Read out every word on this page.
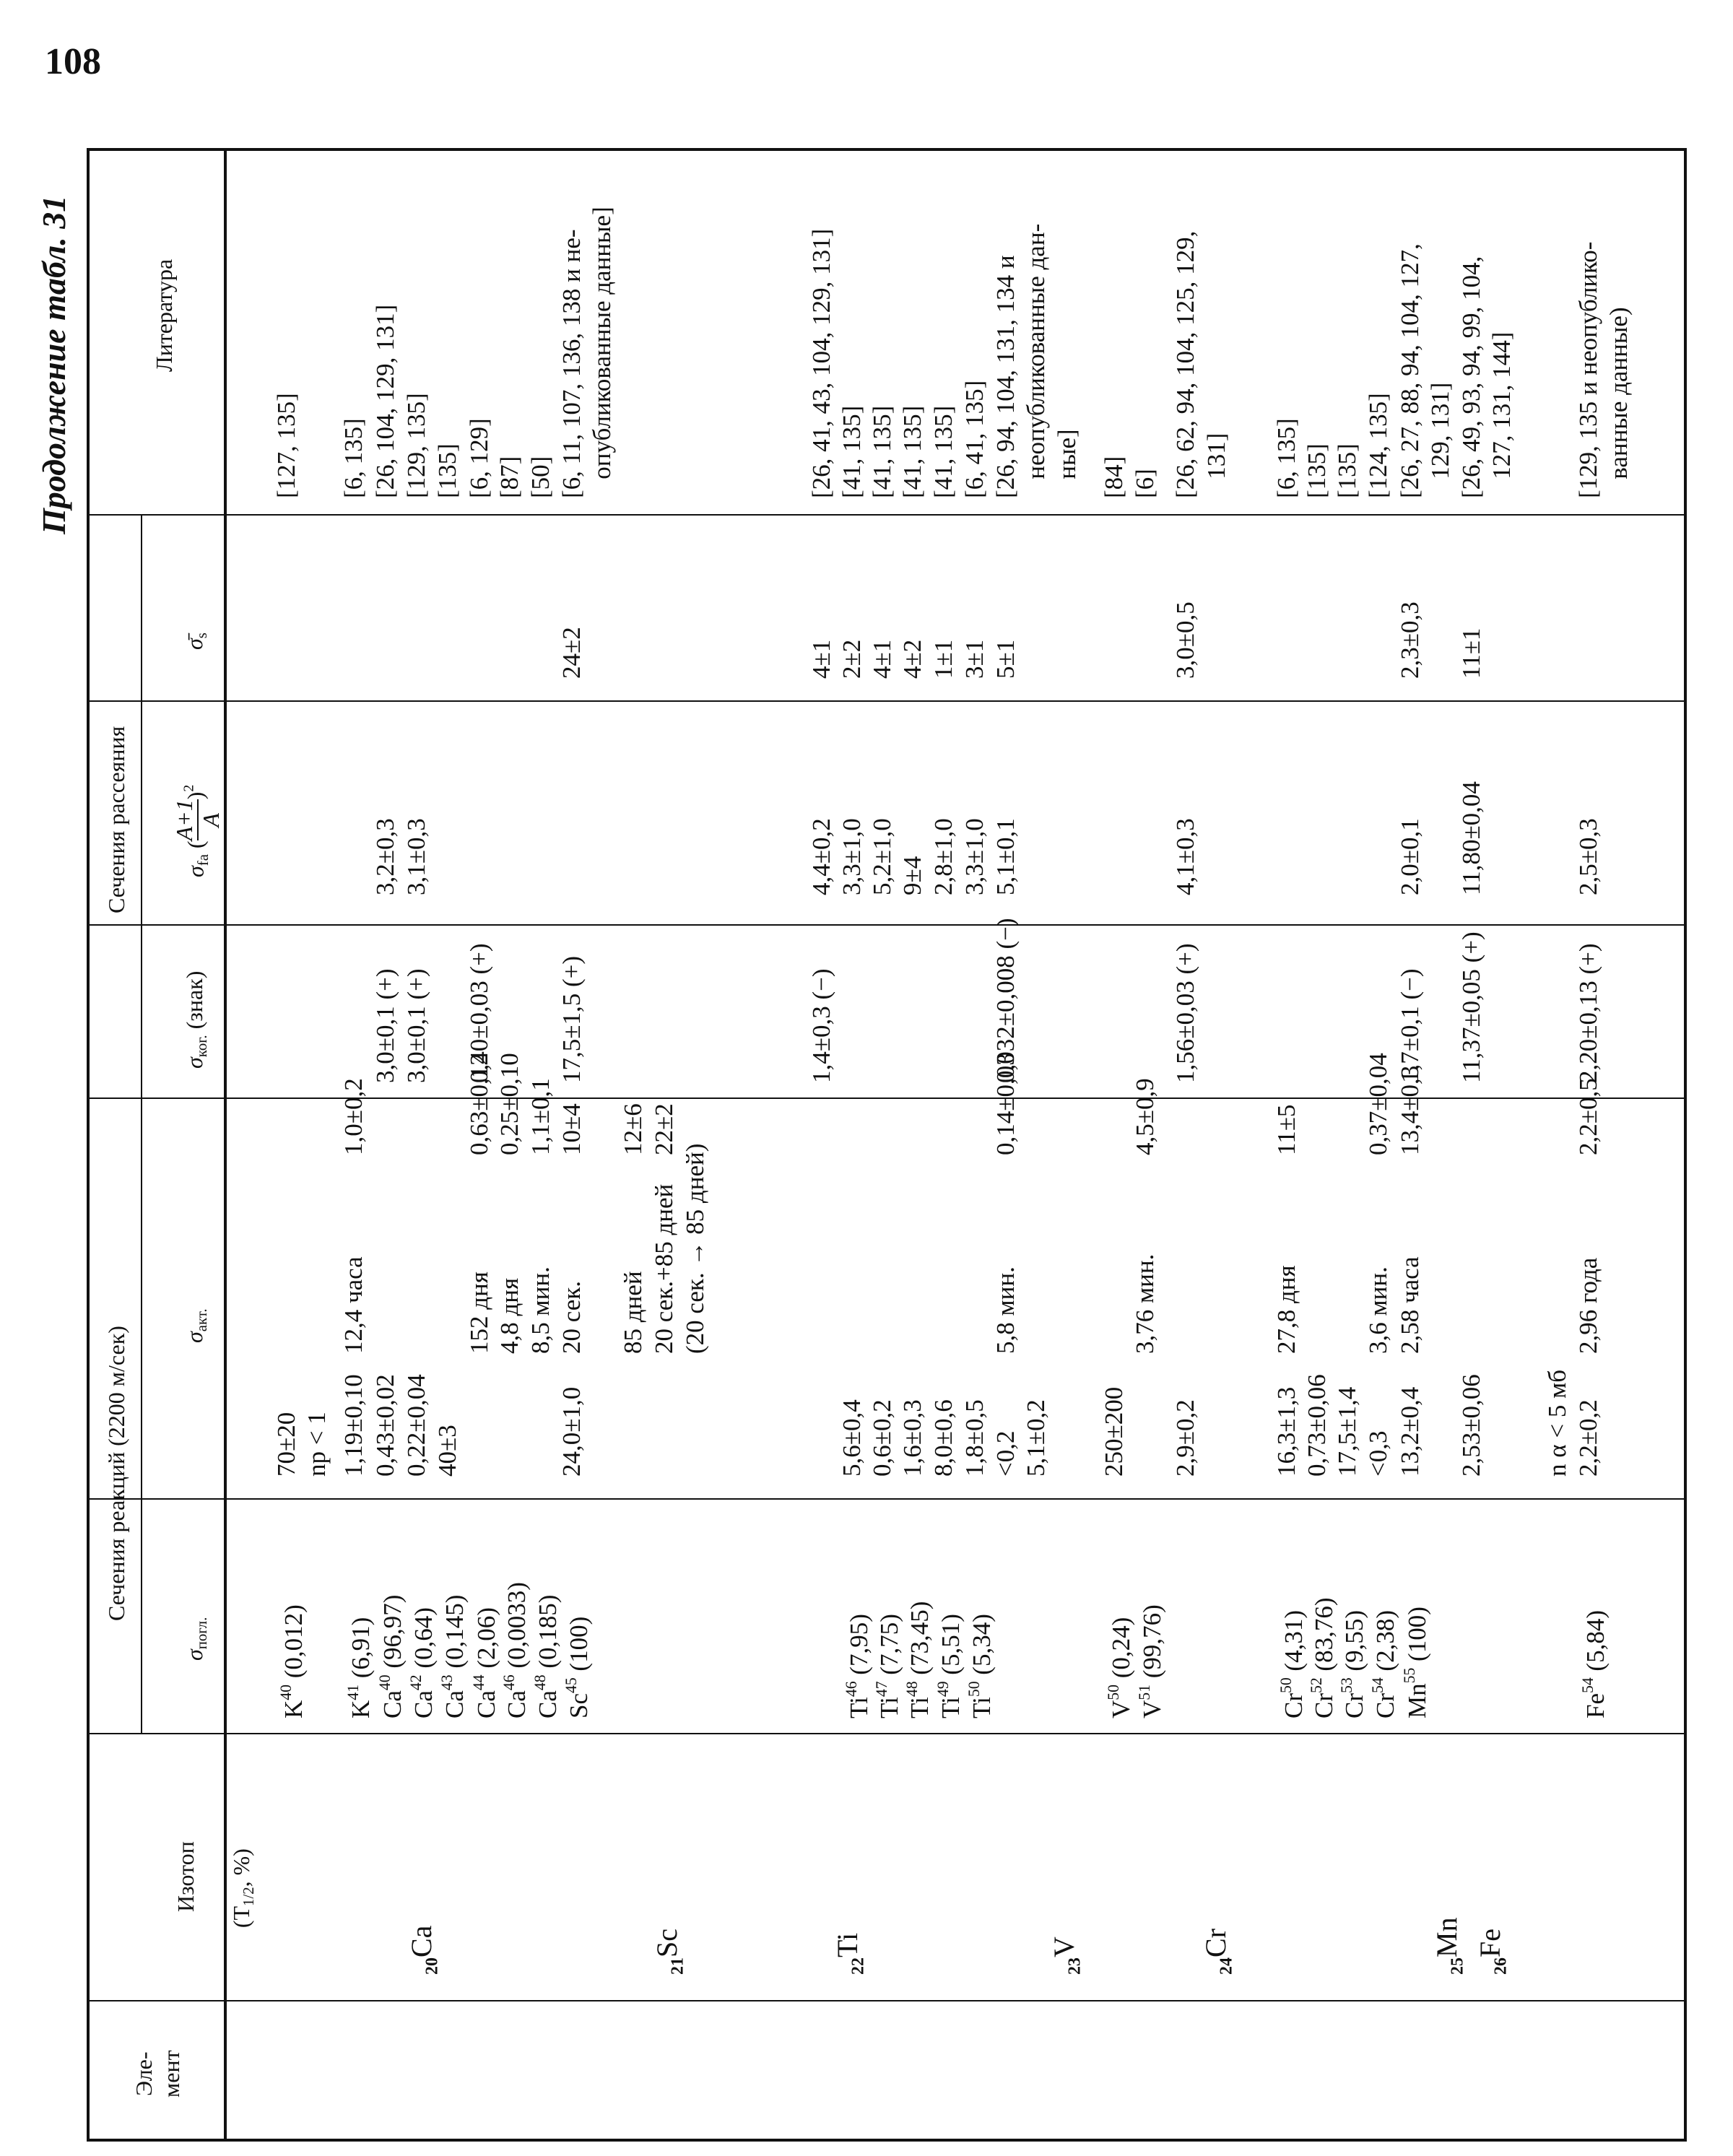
108
Продолжение табл. 31
Эле-
мент

Изотоп

($T_{1/2}$, %)

Сечения реакций (2200 м/сек)
$\sigma_{погл.}$
$\sigma_{акт.}$
Сечения рассеяния
$\sigma_{ког.}$ (знак)
$\sigma_{fa}$ (
A+1 A
)$^2$
$\sigmā_s$
Литература
$_{20}$Ca
$_{21}$Sc
$_{22}$Ti
$_{23}$V
$_{24}$Cr
$_{25}$Mn
$_{26}$Fe
$K^{40}$ (0,012)
70±20
[127, 135]
np < 1
$K^{41}$ (6,91)
1,19±0,10
12,4 часа
1,0±0,2
[6, 135]
Ca$^{40}$ (96,97)
0,43±0,02
3,0±0,1 (+)
3,2±0,3
[26, 104, 129, 131]
Ca$^{42}$ (0,64)
0,22±0,04
3,0±0,1 (+)
3,1±0,3
[129, 135]
Ca$^{43}$ (0,145)
40±3
[135]
Ca$^{44}$ (2,06)
152 дня
0,63±0,12
0,40±0,03 (+)
[6, 129]
Ca$^{46}$ (0,0033)
4,8 дня
0,25±0,10
[87]
Ca$^{48}$ (0,185)
8,5 мин.
1,1±0,1
[50]
Sc$^{45}$ (100)
24,0±1,0
20 сек.
10±4
17,5±1,5 (+)
24±2
[6, 11, 107, 136, 138 и не- опубликованные данные]
85 дней
12±6
20 сек.+85 дней
22±2
(20 сек. → 85 дней)
1,4±0,3 (−)
4,4±0,2
4±1
[26, 41, 43, 104, 129, 131]
Ti$^{46}$ (7,95)
5,6±0,4
3,3±1,0
2±2
[41, 135]
Ti$^{47}$ (7,75)
0,6±0,2
5,2±1,0
4±1
[41, 135]
Ti$^{48}$ (73,45)
1,6±0,3
9±4
4±2
[41, 135]
Ti$^{49}$ (5,51)
8,0±0,6
2,8±1,0
1±1
[41, 135]
Ti$^{50}$ (5,34)
1,8±0,5
3,3±1,0
3±1
[6, 41, 135]
<0,2
5,8 мин.
0,14±0,03
0,032±0,008 (−)
5,1±0,1
5±1
[26, 94, 104, 131, 134 и
5,1±0,2
неопубликованные дан- ные]
$V^{50}$ (0,24)
250±200
[84]
$V^{51}$ (99,76)
3,76 мин.
4,5±0,9
[6]
2,9±0,2
1,56±0,03 (+)
4,1±0,3
3,0±0,5
[26, 62, 94, 104, 125, 129, 131]
Cr$^{50}$ (4,31)
16,3±1,3
27,8 дня
11±5
[6, 135]
Cr$^{52}$ (83,76)
0,73±0,06
[135]
Cr$^{53}$ (9,55)
17,5±1,4
[135]
Cr$^{54}$ (2,38)
<0,3
3,6 мин.
0,37±0,04
[124, 135]
Mn$^{55}$ (100)
13,2±0,4
2,58 часа
13,4±0,3
1,7±0,1 (−)
2,0±0,1
2,3±0,3
[26, 27, 88, 94, 104, 127, 129, 131]
2,53±0,06
11,37±0,05 (+)
11,80±0,04
11±1
[26, 49, 93, 94, 99, 104, 127, 131, 144]
n α < 5 мб
Fe$^{54}$ (5,84)
2,2±0,2
2,96 года
2,2±0,5
2,20±0,13 (+)
2,5±0,3
[129, 135 и неопублико- ванные данные)
